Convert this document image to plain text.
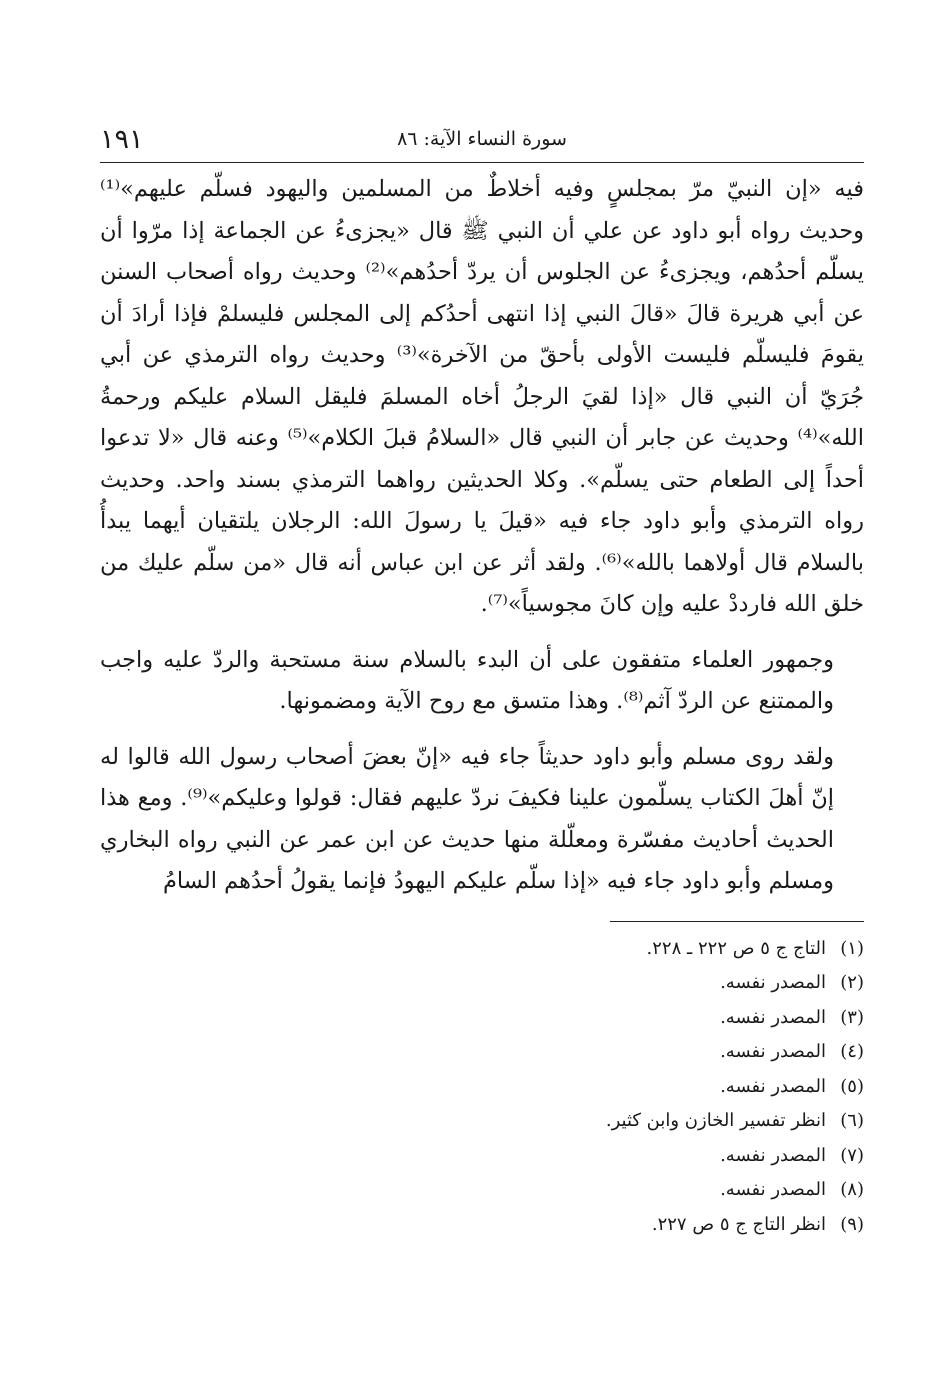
١٩١	سورة النساء الآية: ٨٦

فيه «إن النبيّ مرّ بمجلسٍ وفيه أخلاطٌ من المسلمين واليهود فسلّم عليهم»⁽¹⁾ وحديث رواه أبو داود عن علي أن النبي ﷺ قال «يجزىءُ عن الجماعة إذا مرّوا أن يسلّم أحدُهم، ويجزىءُ عن الجلوس أن يردّ أحدُهم»⁽²⁾ وحديث رواه أصحاب السنن عن أبي هريرة قالَ «قالَ النبي إذا انتهى أحدُكم إلى المجلس فليسلمْ فإذا أرادَ أن يقومَ فليسلّم فليست الأولى بأحقّ من الآخرة»⁽³⁾ وحديث رواه الترمذي عن أبي جُرَيّ أن النبي قال «إذا لقيَ الرجلُ أخاه المسلمَ فليقل السلام عليكم ورحمةُ الله»⁽⁴⁾ وحديث عن جابر أن النبي قال «السلامُ قبلَ الكلام»⁽⁵⁾ وعنه قال «لا تدعوا أحداً إلى الطعام حتى يسلّم». وكلا الحديثين رواهما الترمذي بسند واحد. وحديث رواه الترمذي وأبو داود جاء فيه «قيلَ يا رسولَ الله: الرجلان يلتقيان أيهما يبدأُ بالسلام قال أولاهما بالله»⁽⁶⁾. ولقد أثر عن ابن عباس أنه قال «من سلّم عليك من خلق الله فارددْ عليه وإن كانَ مجوسياً»⁽⁷⁾.

وجمهور العلماء متفقون على أن البدء بالسلام سنة مستحبة والردّ عليه واجب والممتنع عن الردّ آثم⁽⁸⁾. وهذا متسق مع روح الآية ومضمونها.

ولقد روى مسلم وأبو داود حديثاً جاء فيه «إنّ بعضَ أصحاب رسول الله قالوا له إنّ أهلَ الكتاب يسلّمون علينا فكيفَ نردّ عليهم فقال: قولوا وعليكم»⁽⁹⁾. ومع هذا الحديث أحاديث مفسّرة ومعلّلة منها حديث عن ابن عمر عن النبي رواه البخاري ومسلم وأبو داود جاء فيه «إذا سلّم عليكم اليهودُ فإنما يقولُ أحدُهم السامُ

(١)التاج ج ٥ ص ٢٢٢ ـ ٢٢٨.
(٢)المصدر نفسه.
(٣)المصدر نفسه.
(٤)المصدر نفسه.
(٥)المصدر نفسه.
(٦)انظر تفسير الخازن وابن كثير.
(٧)المصدر نفسه.
(٨)المصدر نفسه.
(٩)انظر التاج ج ٥ ص ٢٢٧.
